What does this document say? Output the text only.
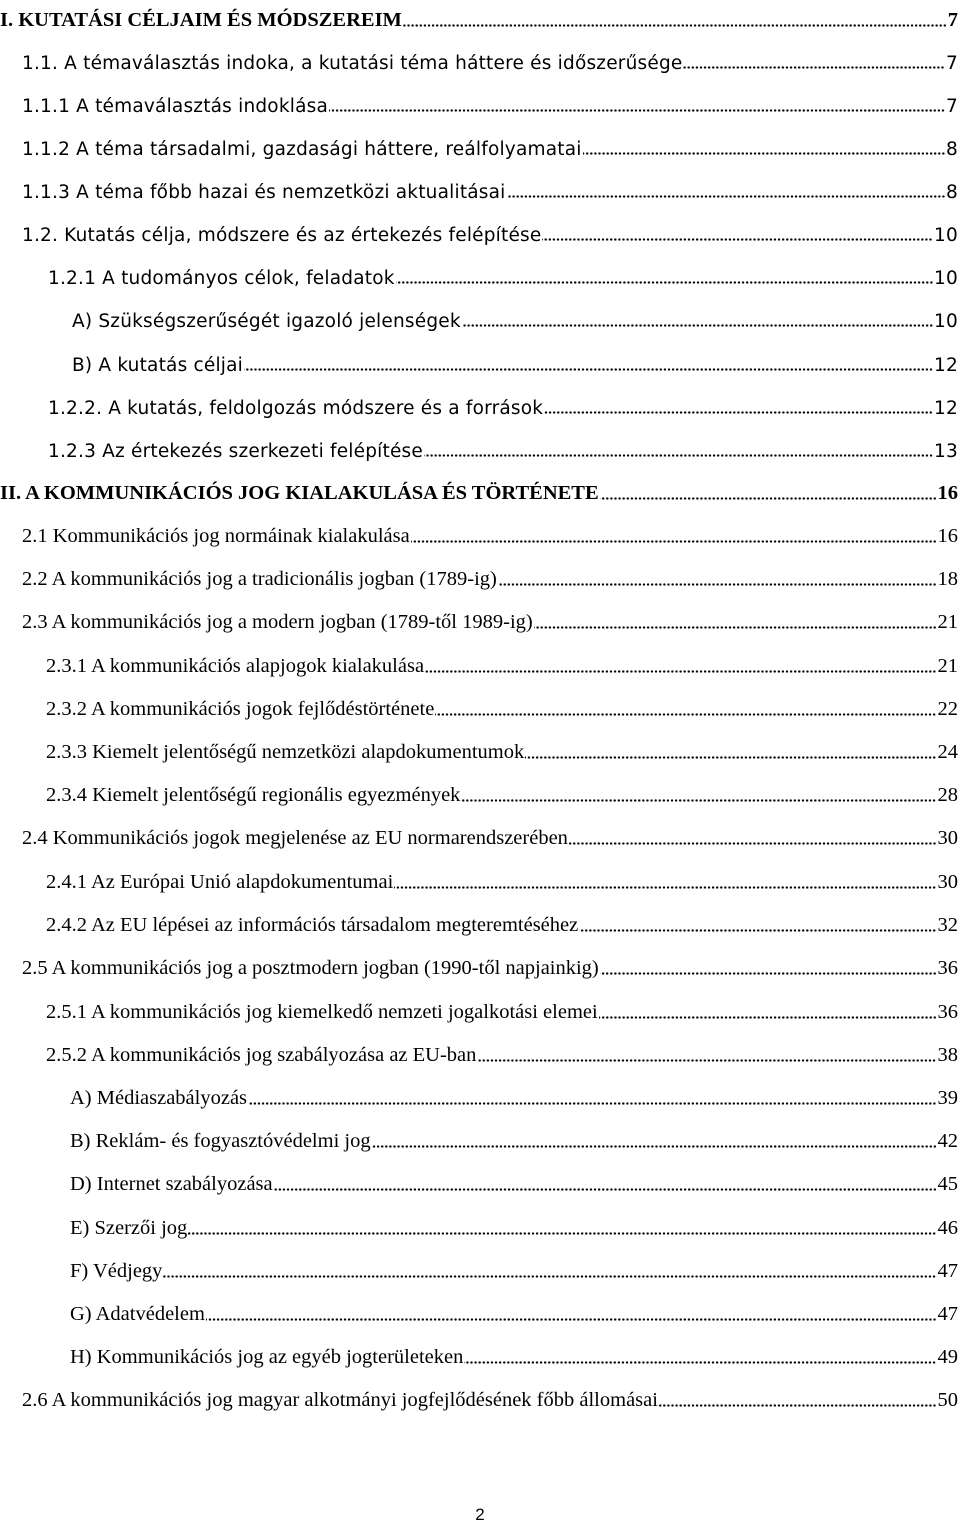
I. KUTATÁSI CÉLJAIM ÉS MÓDSZEREIM	7
1.1. A témaválasztás indoka, a kutatási téma háttere és időszerűsége	7
1.1.1 A témaválasztás indoklása	7
1.1.2 A téma társadalmi, gazdasági háttere, reálfolyamatai	8
1.1.3 A téma főbb hazai és nemzetközi aktualitásai	8
1.2. Kutatás célja, módszere és az értekezés felépítése	10
1.2.1 A tudományos célok, feladatok	10
A) Szükségszerűségét igazoló jelenségek	10
B) A kutatás céljai	12
1.2.2. A kutatás, feldolgozás módszere és a források	12
1.2.3 Az értekezés szerkezeti felépítése	13
II. A KOMMUNIKÁCIÓS JOG KIALAKULÁSA ÉS TÖRTÉNETE	16
2.1 Kommunikációs jog normáinak kialakulása	16
2.2 A kommunikációs jog a tradicionális jogban (1789-ig)	18
2.3 A kommunikációs jog a modern jogban (1789-től 1989-ig)	21
2.3.1 A kommunikációs alapjogok kialakulása	21
2.3.2 A kommunikációs jogok fejlődéstörténete	22
2.3.3 Kiemelt jelentőségű nemzetközi alapdokumentumok	24
2.3.4 Kiemelt jelentőségű regionális egyezmények	28
2.4 Kommunikációs jogok megjelenése az EU normarendszerében	30
2.4.1 Az Európai Unió alapdokumentumai	30
2.4.2 Az EU lépései az információs társadalom megteremtéséhez	32
2.5 A kommunikációs jog a posztmodern jogban (1990-től napjainkig)	36
2.5.1 A kommunikációs jog kiemelkedő nemzeti jogalkotási elemei	36
2.5.2 A kommunikációs jog szabályozása az EU-ban	38
A) Médiaszabályozás	39
B) Reklám- és fogyasztóvédelmi jog	42
D) Internet szabályozása	45
E) Szerzői jog	46
F) Védjegy	47
G) Adatvédelem	47
H) Kommunikációs jog az egyéb jogterületeken	49
2.6 A kommunikációs jog magyar alkotmányi jogfejlődésének főbb állomásai	50
2
